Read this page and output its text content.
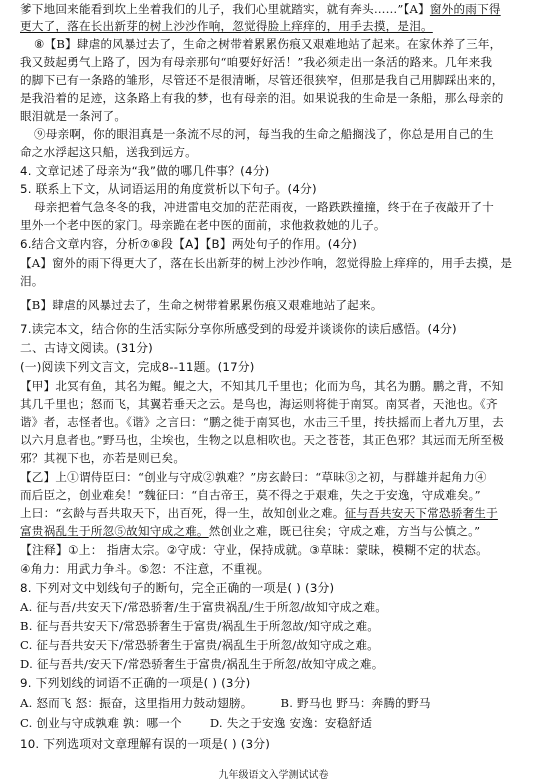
爹下地回来能看到坎上坐着我们的儿子，我们心里就踏实，就有奔头……”【A】窗外的雨下得
更大了，落在长出新芽的树上沙沙作响，忽觉得脸上痒痒的，用手去摸，是泪。
⑧【B】肆虐的风暴过去了，生命之树带着累累伤痕又艰难地站了起来。在家休养了三年，
我又鼓起勇气上路了，因为有母亲那句“咱要好好活！”我必须走出一条活的路来。几年来我
的脚下已有一条路的雏形，尽管还不是很清晰，尽管还很狭窄，但那是我自己用脚踩出来的，
是我沿着的足迹，这条路上有我的梦，也有母亲的泪。如果说我的生命是一条船，那么母亲的
眼泪就是一条河了。
⑨母亲啊，你的眼泪真是一条流不尽的河，每当我的生命之船搁浅了，你总是用自己的生
命之水浮起这只船，送我到远方。
4. 文章记述了母亲为“我”做的哪几件事？(4分)
5. 联系上下文，从词语运用的角度赏析以下句子。(4分)
母亲把着气急冬冬的我，冲进雷电交加的茫茫雨夜，一路跌跌撞撞，终于在子夜敲开了十
里外一个老中医的家门。母亲跪在老中医的面前，求他救救她的儿子。
6.结合文章内容，分析⑦⑧段【A】【B】两处句子的作用。(4分)
【A】窗外的雨下得更大了，落在长出新芽的树上沙沙作响，忽觉得脸上痒痒的，用手去摸，是
泪。
【B】肆虐的风暴过去了，生命之树带着累累伤痕又艰难地站了起来。
7.读完本文，结合你的生活实际分享你所感受到的母爱并谈谈你的读后感悟。(4分)
二、古诗文阅读。(31分)
(一)阅读下列文言文，完成8--11题。(17分)
【甲】北冥有鱼，其名为鲲。鲲之大，不知其几千里也；化而为鸟，其名为鹏。鹏之背，不知
其几千里也；怒而飞，其翼若垂天之云。是鸟也，海运则将徙于南冥。南冥者，天池也。《齐
谐》者，志怪者也。《谐》之言曰：“鹏之徙于南冥也，水击三千里，抟扶摇而上者九万里，去
以六月息者也。”野马也，尘埃也，生物之以息相吹也。天之苍苍，其正色邪？其远而无所至极
邪？其视下也，亦若是则已矣。
【乙】上①谓侍臣曰：“创业与守成②孰难？”房玄龄曰：“草昧③之初，与群雄并起角力④
而后臣之，创业难矣！”魏征曰：“自古帝王，莫不得之于艰难，失之于安逸，守成难矣。”
上曰：“玄龄与吾共取天下，出百死，得一生，故知创业之难。征与吾共安天下常恐骄奢生于
富贵祸乱生于所忽⑤故知守成之难。然创业之难，既已往矣；守成之难，方当与公慎之。”
【注释】①上： 指唐太宗。②守成：守业，保持成就。③草昧：蒙昧，模糊不定的状态。
④角力：用武力争斗。⑤忽：不注意，不重视。
8. 下列对文中划线句子的断句，完全正确的一项是( ) (3分)
A. 征与吾/共安天下/常恐骄奢/生于富贵祸乱/生于所忽/故知守成之难。
B. 征与吾共安天下/常恐骄奢生于富贵/祸乱生于所忽故/知守成之难。
C. 征与吾共安天下/常恐骄奢生于富贵/祸乱生于所忽/故知守成之难。
D. 征与吾共/安天下/常恐骄奢生于富贵/祸乱生于所忽/故知守成之难。
9. 下列划线的词语不正确的一项是( ) (3分)
A. 怒而飞 怒：振奋，这里指用力鼓动翅膀。 B. 野马也 野马：奔腾的野马
C. 创业与守成孰难 孰：哪一个 D. 失之于安逸 安逸：安稳舒适
10. 下列选项对文章理解有误的一项是( ) (3分)
九年级语文入学测试试卷
